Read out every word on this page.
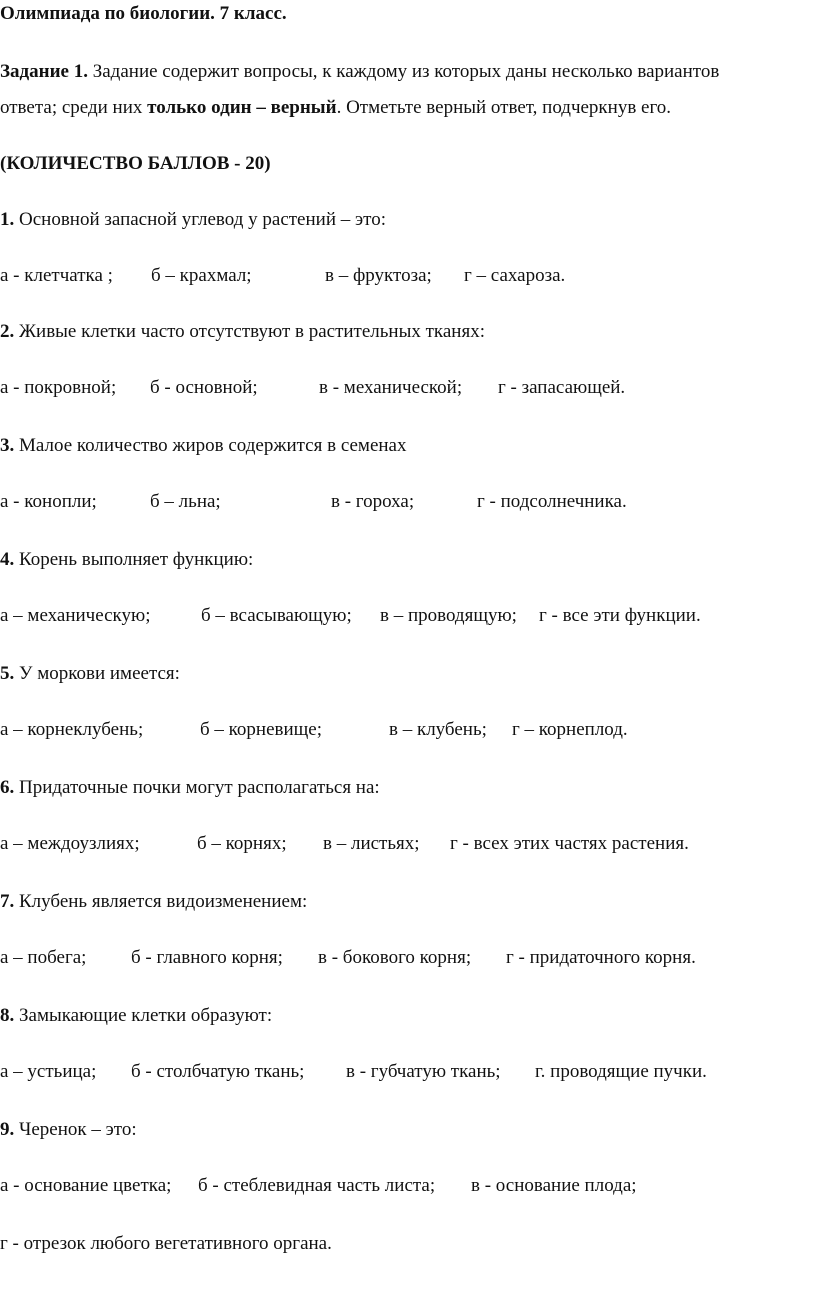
Олимпиада по биологии. 7 класс.
Задание 1. Задание содержит вопросы, к каждому из которых даны несколько вариантов
ответа; среди них только один – верный. Отметьте верный ответ, подчеркнув его.
(КОЛИЧЕСТВО БАЛЛОВ - 20)
1. Основной запасной углевод у растений – это:
а - клетчатка ; б – крахмал;	в – фруктоза; г – сахароза.
2. Живые клетки часто отсутствуют в растительных тканях:
а - покровной; б - основной;	в - механической; г - запасающей.
3. Малое количество жиров содержится в семенах
а - конопли;	б – льна;	в - гороха;	г - подсолнечника.
4. Корень выполняет функцию:
а – механическую;	б – всасывающую; в – проводящую; г - все эти функции.
5. У моркови имеется:
а – корнеклубень;	б – корневище;	в – клубень; г – корнеплод.
6. Придаточные почки могут располагаться на:
а – междоузлиях;	б – корнях; в – листьях; г - всех этих частях растения.
7. Клубень является видоизменением:
а – побега; б - главного корня; в - бокового корня; г - придаточного корня.
8. Замыкающие клетки образуют:
а – устьица; б - столбчатую ткань; в - губчатую ткань; г. проводящие пучки.
9. Черенок – это:
а - основание цветка; б - стеблевидная часть листа; в - основание плода;
г - отрезок любого вегетативного органа.
